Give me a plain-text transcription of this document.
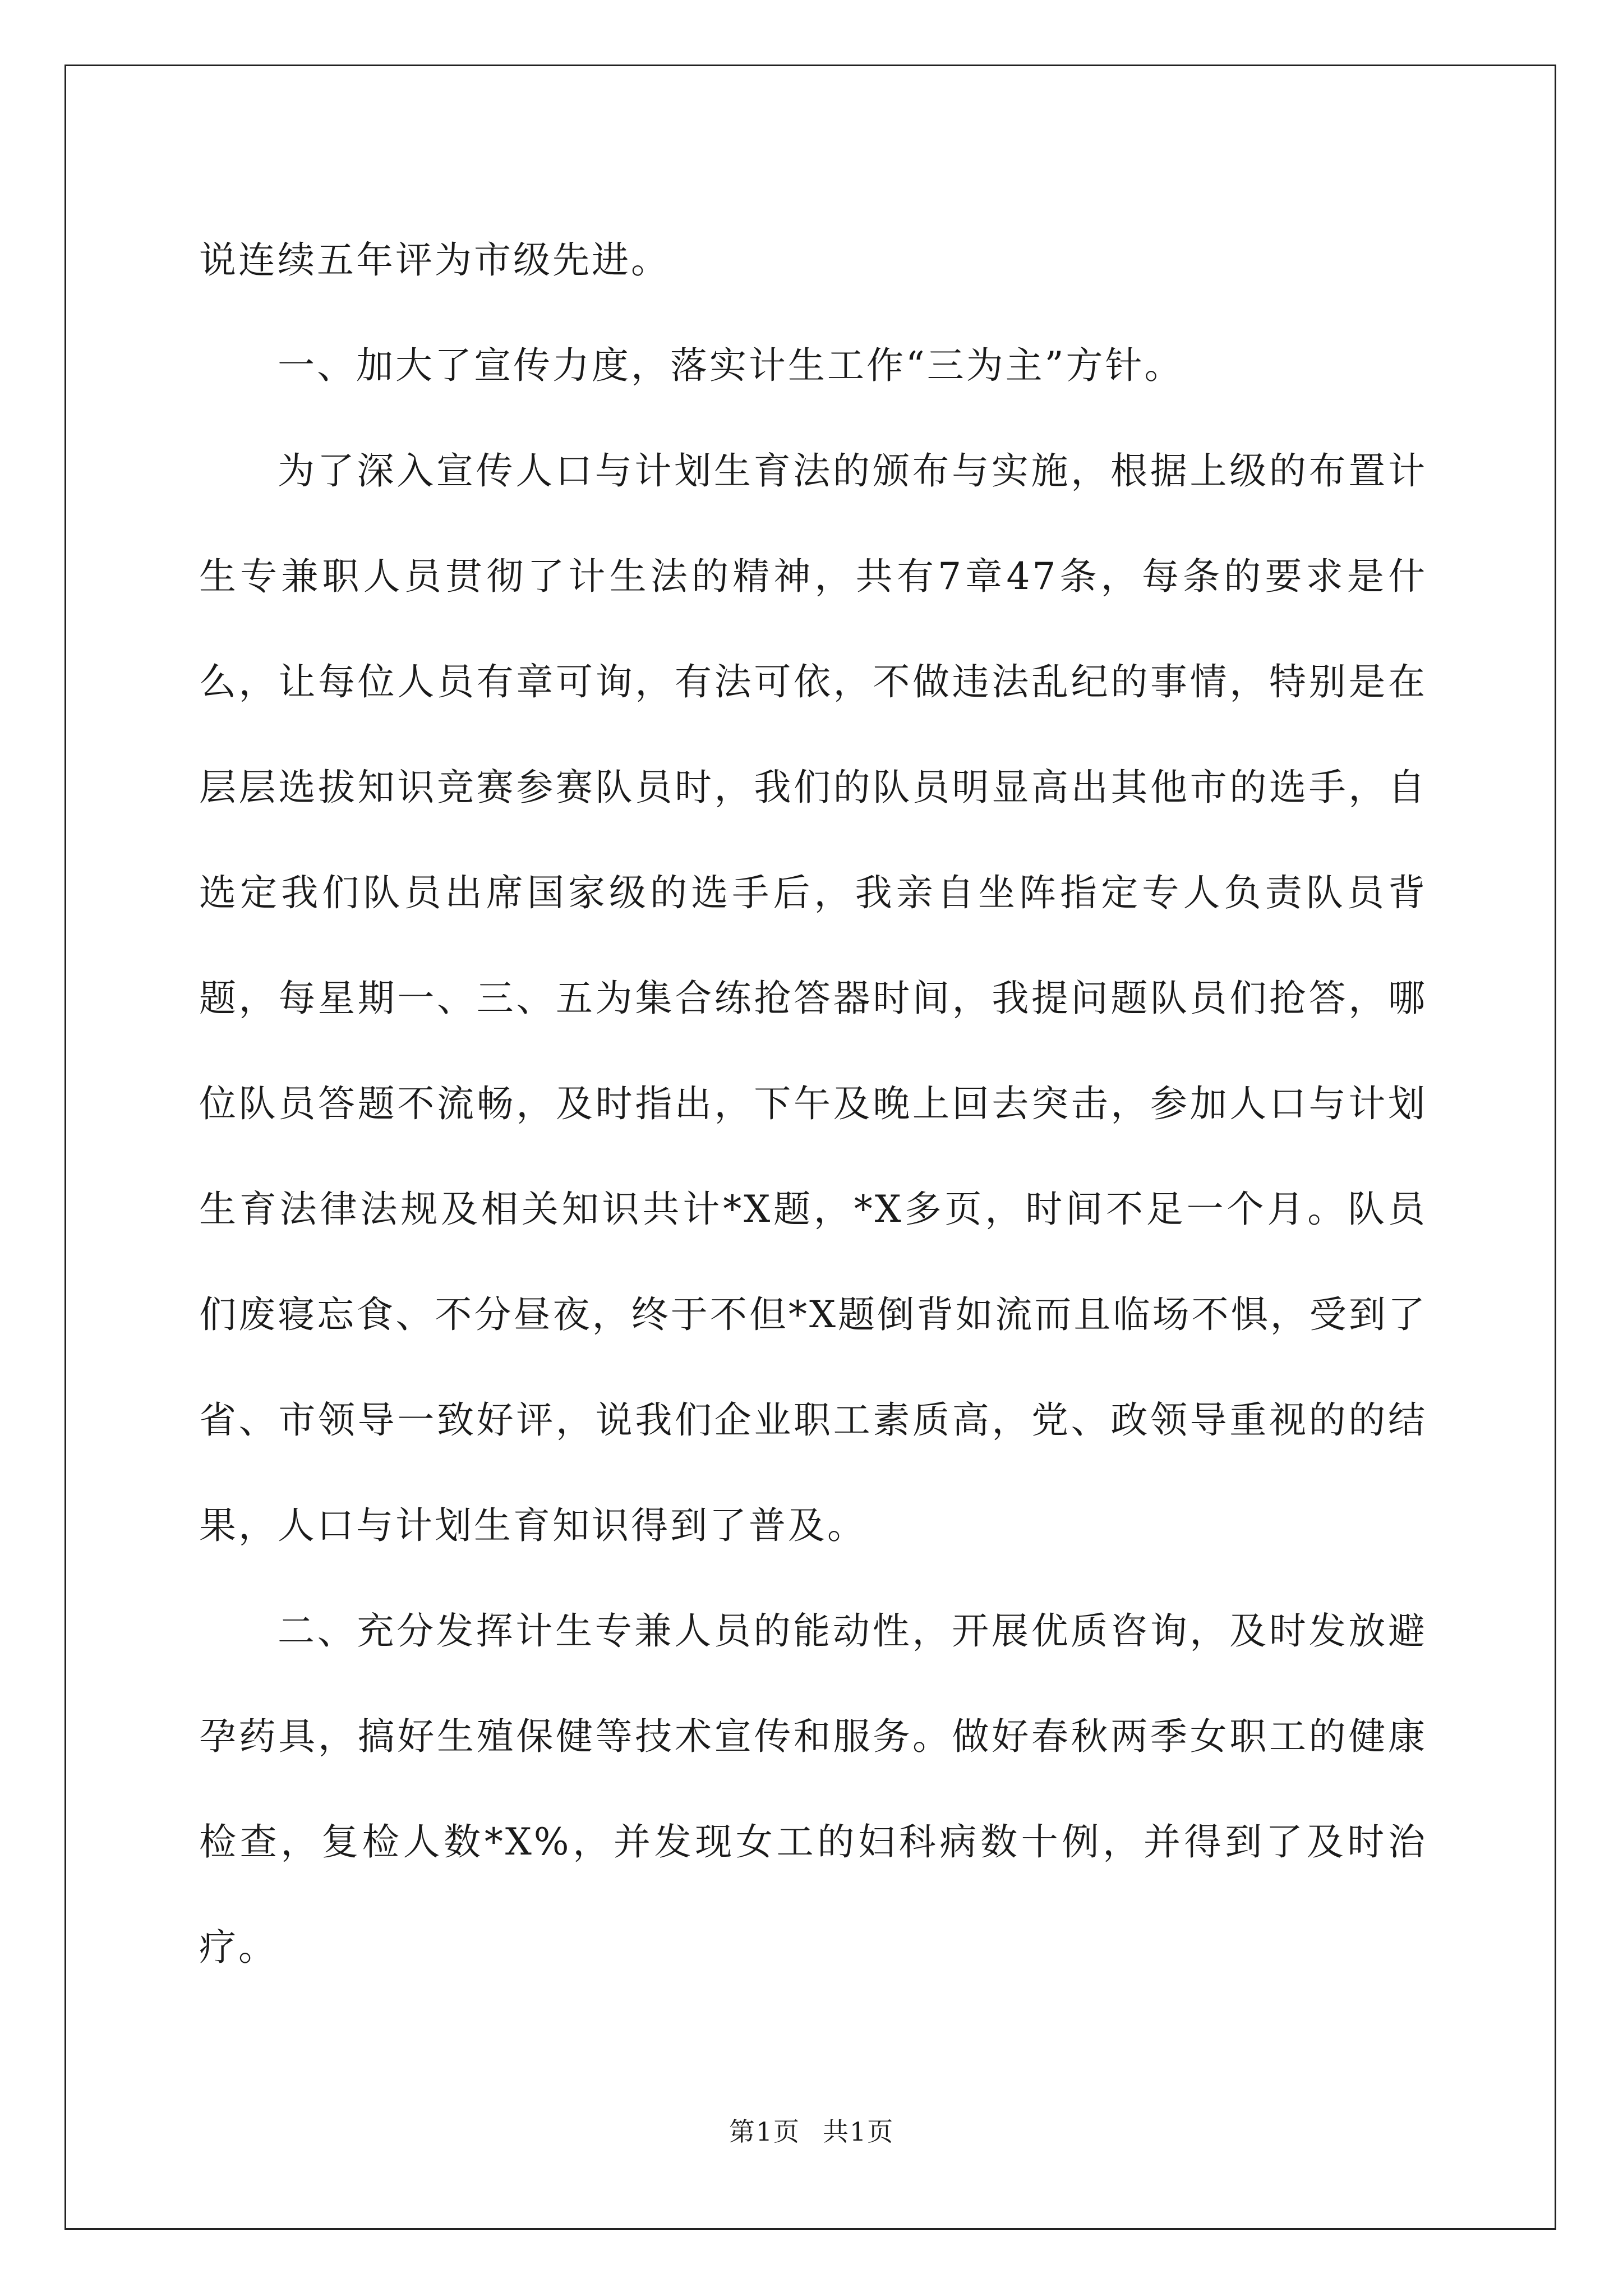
说连续五年评为市级先进。

一、加大了宣传力度，落实计生工作“三为主”方针。

为了深入宣传人口与计划生育法的颁布与实施，根据上级的布置计生专兼职人员贯彻了计生法的精神，共有7章47条，每条的要求是什么，让每位人员有章可询，有法可依，不做违法乱纪的事情，特别是在层层选拔知识竞赛参赛队员时，我们的队员明显高出其他市的选手，自选定我们队员出席国家级的选手后，我亲自坐阵指定专人负责队员背题，每星期一、三、五为集合练抢答器时间，我提问题队员们抢答，哪位队员答题不流畅，及时指出，下午及晚上回去突击，参加人口与计划生育法律法规及相关知识共计*X题，*X多页，时间不足一个月。队员们废寝忘食、不分昼夜，终于不但*X题倒背如流而且临场不惧，受到了省、市领导一致好评，说我们企业职工素质高，党、政领导重视的的结果，人口与计划生育知识得到了普及。

二、充分发挥计生专兼人员的能动性，开展优质咨询，及时发放避孕药具，搞好生殖保健等技术宣传和服务。做好春秋两季女职工的健康检查，复检人数*X%，并发现女工的妇科病数十例，并得到了及时治疗。

第1页 共1页
